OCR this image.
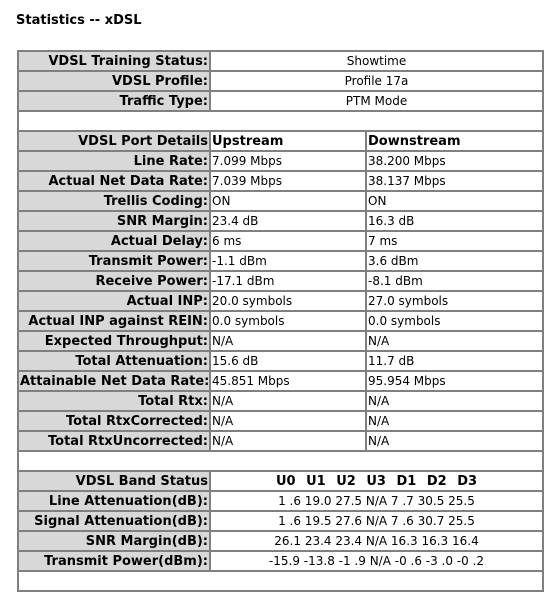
Statistics -- xDSL
VDSL Training Status:	Showtime	
VDSL Profile:	Profile 17a	
Traffic Type:	PTM Mode	

VDSL Port Details	Upstream	Downstream
Line Rate:	7.099 Mbps	38.200 Mbps
Actual Net Data Rate:	7.039 Mbps	38.137 Mbps
Trellis Coding:	ON	ON
SNR Margin:	23.4 dB	16.3 dB
Actual Delay:	6 ms	7 ms
Transmit Power:	-1.1 dBm	3.6 dBm
Receive Power:	-17.1 dBm	-8.1 dBm
Actual INP:	20.0 symbols	27.0 symbols
Actual INP against REIN:	0.0 symbols	0.0 symbols
Expected Throughput:	N/A	N/A
Total Attenuation:	15.6 dB	11.7 dB
Attainable Net Data Rate:	45.851 Mbps	95.954 Mbps
Total Rtx:	N/A	N/A
Total RtxCorrected:	N/A	N/A
Total RtxUncorrected:	N/A	N/A

VDSL Band Status	U0 U1 U2 U3 D1 D2 D3	
Line Attenuation(dB):	1 .6 19.0 27.5 N/A 7 .7 30.5 25.5	
Signal Attenuation(dB):	1 .6 19.5 27.6 N/A 7 .6 30.7 25.5	
SNR Margin(dB):	26.1 23.4 23.4 N/A 16.3 16.3 16.4	
Transmit Power(dBm):	-15.9 -13.8 -1 .9 N/A -0 .6 -3 .0 -0 .2	
